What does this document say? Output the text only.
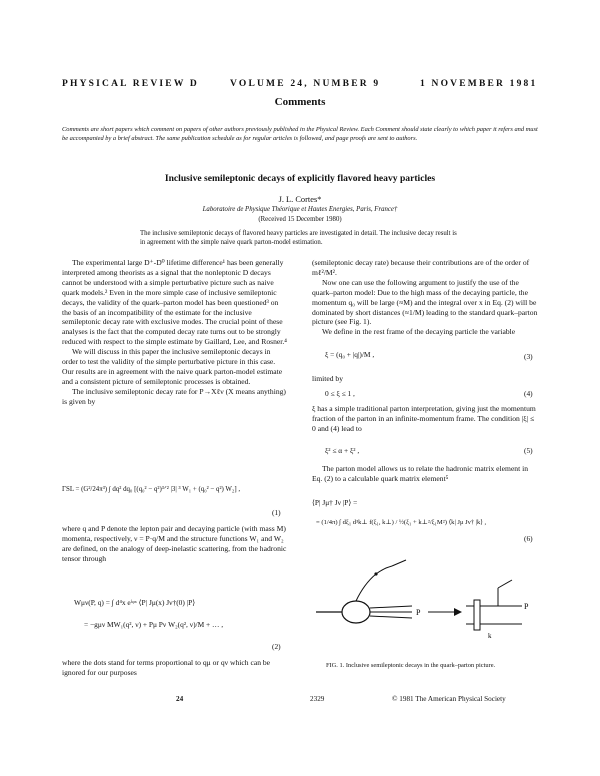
PHYSICAL REVIEW D	VOLUME 24, NUMBER 9	1 NOVEMBER 1981
Comments
Comments are short papers which comment on papers of other authors previously published in the Physical Review. Each Comment should state clearly to which paper it refers and must be accompanied by a brief abstract. The same publication schedule as for regular articles is followed, and page proofs are sent to authors.
Inclusive semileptonic decays of explicitly flavored heavy particles
J. L. Cortes*
Laboratoire de Physique Théorique et Hautes Energies, Paris, France†
(Received 15 December 1980)
The inclusive semileptonic decays of flavored heavy particles are investigated in detail. The inclusive decay result is in agreement with the simple naive quark parton-model estimation.

The experimental large D⁺-D⁰ lifetime difference¹ has been generally interpreted among theorists as a signal that the nonleptonic D decays cannot be understood with a simple perturbative picture such as naive quark models.² Even in the more simple case of inclusive semileptonic decays, the validity of the quark–parton model has been questioned³ on the basis of an incompatibility of the estimate for the inclusive semileptonic decay rate with exclusive modes. The crucial point of these analyses is the fact that the computed decay rate turns out to be strongly reduced with respect to the simple estimate by Gaillard, Lee, and Rosner.⁴

We will discuss in this paper the inclusive semileptonic decays in order to test the validity of the simple perturbative picture in this case. Our results are in agreement with the naive quark parton-model estimate and a consistent picture of semileptonic processes is obtained.

The inclusive semileptonic decay rate for P→Xℓν (X means anything) is given by

ΓSL = (G²/24π³) ∫ dq² dq₀ [(q₀² − q²)³ᐟ² |3| ³ W₁ + (q₀² − q²) W₂] ,
(1)

where q and P denote the lepton pair and decaying particle (with mass M) momenta, respectively, ν = P·q/M and the structure functions W₁ and W₂ are defined, on the analogy of deep-inelastic scattering, from the hadronic tensor through

Wμν(P, q) = ∫ d⁴x eⁱᵠˣ ⟨P| Jμ(x) Jν†(0) |P⟩
= −gμν MW₁(q², ν) + Pμ Pν W₂(q², ν)/M + … ,
(2)

where the dots stand for terms proportional to qμ or qν which can be ignored for our purposes

(semileptonic decay rate) because their contributions are of the order of mℓ²/M².

Now one can use the following argument to justify the use of the quark–parton model: Due to the high mass of the decaying particle, the momentum q₀ will be large (≈M) and the integral over x in Eq. (2) will be dominated by short distances (≈1/M) leading to the standard quark–parton picture (see Fig. 1).

We define in the rest frame of the decaying particle the variable

ξ = (q₀ + |q|)/M ,	(3)
limited by
0 ≤ ξ ≤ 1 ,	(4)

ξ has a simple traditional parton interpretation, giving just the momentum fraction of the parton in an infinite-momentum frame. The condition |ξ| ≤ 0 and (4) lead to

ξ² ≤ α + ξ² ,	(5)

The parton model allows us to relate the hadronic matrix element in Eq. (2) to a calculable quark matrix element⁵

⟨P| Jμ† Jν |P⟩ =
= (1/4π) ∫ dξ₁ d³k⊥ f(ξ₁, k⊥) / ½(ξ₁ + k⊥²/ξ₁M²) ⟨k| Jμ Jν† |k⟩ ,
(6)
P
P
k
FIG. 1. Inclusive semileptonic decays in the quark–parton picture.
24	2329	© 1981 The American Physical Society
